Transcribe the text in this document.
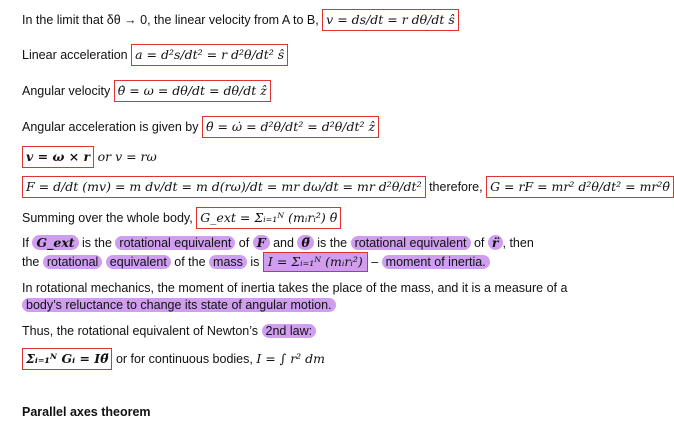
In the limit that δθ → 0, the linear velocity from A to B, v = ds/dt = r dθ/dt ŝ
Linear acceleration a = d²s/dt² = r d²θ/dt² ŝ
Angular velocity θ̇ = ω = dθ/dt = dθ/dt ẑ
Angular acceleration is given by θ̈ = ω̇ = d²θ/dt² = d²θ/dt² ẑ
v = ω × r or v = rω
F = d/dt (mv) = m dv/dt = m d(rω)/dt = mr dω/dt = mr d²θ/dt² therefore, G = rF = mr² d²θ/dt² = mr²θ̈
Summing over the whole body, G_ext = Σᵢ₌₁ᴺ (mᵢrᵢ²) θ̈
If G_ext is the rotational equivalent of F and θ̈ is the rotational equivalent of r̈ , then the rotational equivalent of the mass is I = Σᵢ₌₁ᴺ (mᵢrᵢ²) – moment of inertia.
In rotational mechanics, the moment of inertia takes the place of the mass, and it is a measure of a
body’s reluctance to change its state of angular motion.
Thus, the rotational equivalent of Newton’s 2nd law:
Σᵢ₌₁ᴺ Gᵢ = Iθ̈ or for continuous bodies, I = ∫ r² dm
Parallel axes theorem
